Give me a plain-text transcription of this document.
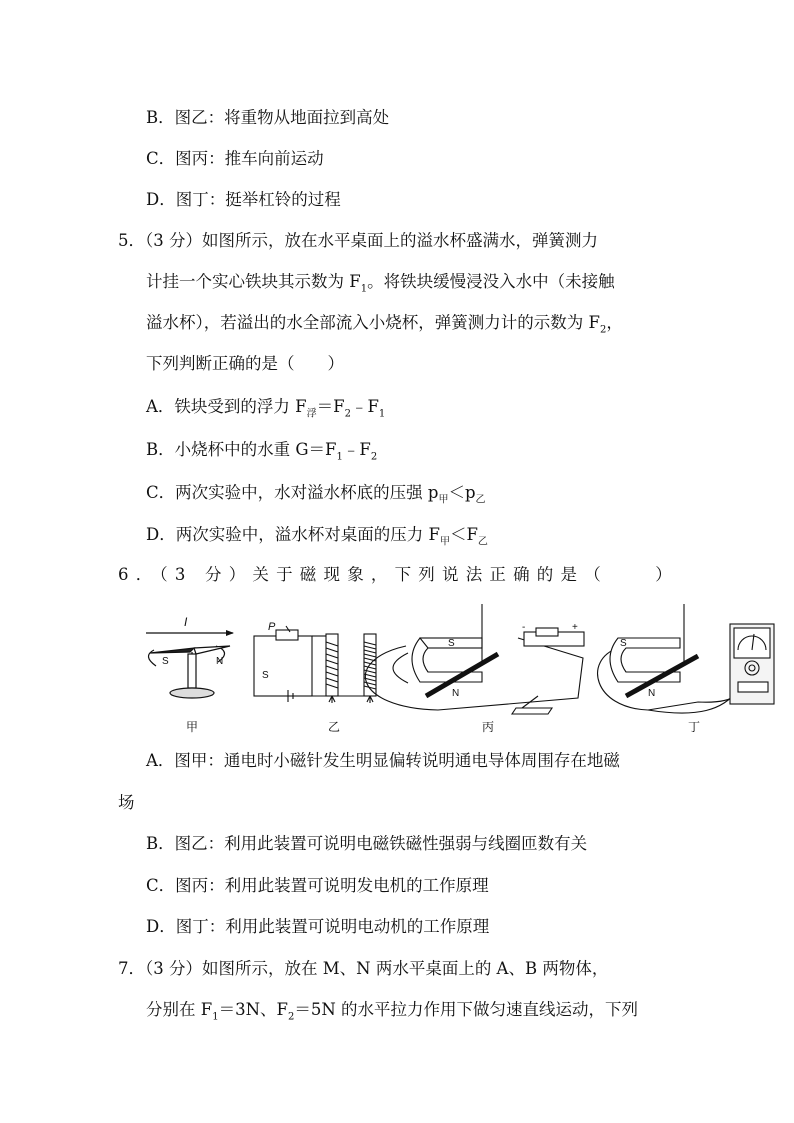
B．图乙：将重物从地面拉到高处
C．图丙：推车向前运动
D．图丁：挺举杠铃的过程
5．（3 分）如图所示，放在水平桌面上的溢水杯盛满水，弹簧测力
计挂一个实心铁块其示数为 $F_1$。将铁块缓慢浸没入水中（未接触
溢水杯），若溢出的水全部流入小烧杯，弹簧测力计的示数为 $F_2$，
下列判断正确的是（　　）
A．铁块受到的浮力 $F_浮=F_2﹣F_1$
B．小烧杯中的水重 $G=F_1﹣F_2$
C．两次实验中，水对溢水杯底的压强 $p_甲<p_乙$
D．两次实验中，溢水杯对桌面的压力 $F_甲<F_乙$
6．（3 分）关于磁现象，下列说法正确的是（　　）
I
S	N
甲
P
S
乙
S
N
-	+
丙
S
N
丁
A．图甲：通电时小磁针发生明显偏转说明通电导体周围存在地磁
场
B．图乙：利用此装置可说明电磁铁磁性强弱与线圈匝数有关
C．图丙：利用此装置可说明发电机的工作原理
D．图丁：利用此装置可说明电动机的工作原理
7．（3 分）如图所示，放在 M、N 两水平桌面上的 A、B 两物体，
分别在 $F_1=3N$、$F_2=5N$ 的水平拉力作用下做匀速直线运动，下列
